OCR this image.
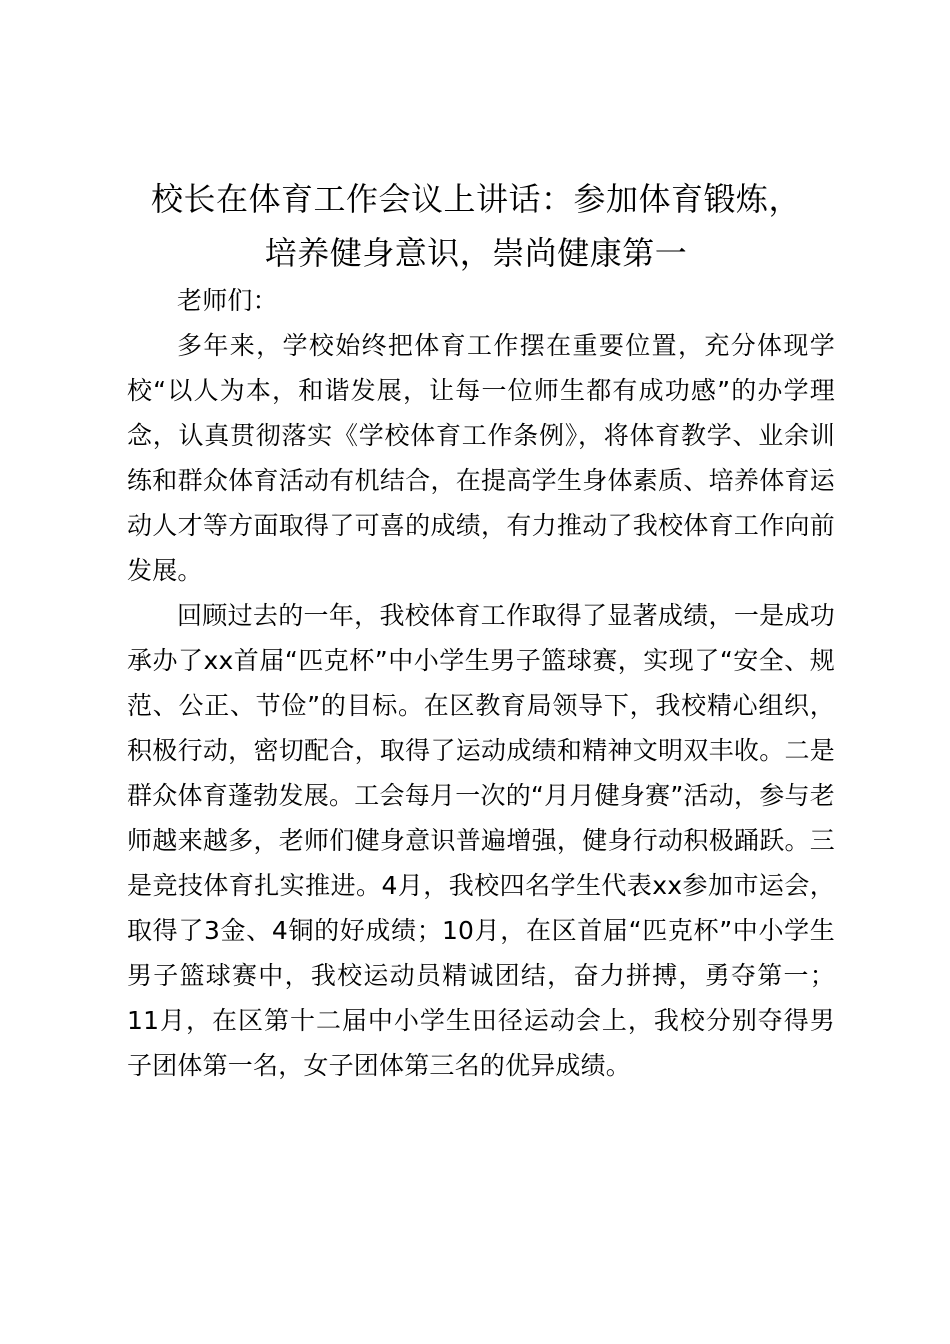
校长在体育工作会议上讲话：参加体育锻炼，
培养健身意识，崇尚健康第一

老师们：

多年来，学校始终把体育工作摆在重要位置，充分体现学校“以人为本，和谐发展，让每一位师生都有成功感”的办学理念，认真贯彻落实《学校体育工作条例》，将体育教学、业余训练和群众体育活动有机结合，在提高学生身体素质、培养体育运动人才等方面取得了可喜的成绩，有力推动了我校体育工作向前发展。

回顾过去的一年，我校体育工作取得了显著成绩，一是成功承办了xx首届“匹克杯”中小学生男子篮球赛，实现了“安全、规范、公正、节俭”的目标。在区教育局领导下，我校精心组织，积极行动，密切配合，取得了运动成绩和精神文明双丰收。二是群众体育蓬勃发展。工会每月一次的“月月健身赛”活动，参与老师越来越多，老师们健身意识普遍增强，健身行动积极踊跃。三是竞技体育扎实推进。4月，我校四名学生代表xx参加市运会，取得了3金、4铜的好成绩；10月，在区首届“匹克杯”中小学生男子篮球赛中，我校运动员精诚团结，奋力拼搏，勇夺第一；11月，在区第十二届中小学生田径运动会上，我校分别夺得男子团体第一名，女子团体第三名的优异成绩。
